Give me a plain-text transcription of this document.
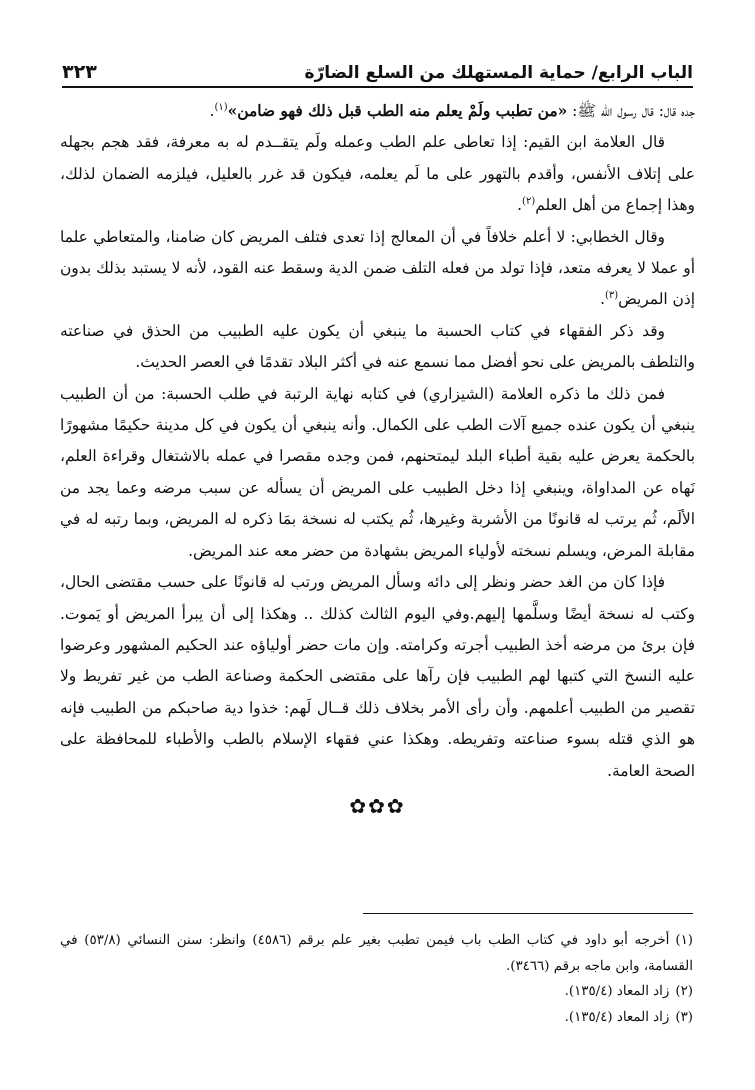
الباب الرابع/ حماية المستهلك من السلع الضارّة
٣٢٣

جده قال: قال رسول الله ﷺ: «من تطبب ولَمْ يعلم منه الطب قبل ذلك فهو ضامن»$^{(١)}$.

قال العلامة ابن القيم: إذا تعاطى علم الطب وعمله ولَم يتقــدم له به معرفة، فقد هجم بجهله على إتلاف الأنفس، وأقدم بالتهور على ما لَم يعلمه، فيكون قد غرر بالعليل، فيلزمه الضمان لذلك، وهذا إجماع من أهل العلم$^{(٢)}$.

وقال الخطابي: لا أعلم خلافاً في أن المعالج إذا تعدى فتلف المريض كان ضامنا، والمتعاطي علما أو عملا لا يعرفه متعد، فإذا تولد من فعله التلف ضمن الدية وسقط عنه القود، لأنه لا يستبد بذلك بدون إذن المريض$^{(٣)}$.

وقد ذكر الفقهاء في كتاب الحسبة ما ينبغي أن يكون عليه الطبيب من الحذق في صناعته والتلطف بالمريض على نحو أفضل مما نسمع عنه في أكثر البلاد تقدمًا في العصر الحديث.

فمن ذلك ما ذكره العلامة (الشيزاري) في كتابه نهاية الرتبة في طلب الحسبة: من أن الطبيب ينبغي أن يكون عنده جميع آلات الطب على الكمال. وأنه ينبغي أن يكون في كل مدينة حكيمًا مشهورًا بالحكمة يعرض عليه بقية أطباء البلد ليمتحنهم، فمن وجده مقصرا في عمله بالاشتغال وقراءة العلم، نَهاه عن المداواة، وينبغي إذا دخل الطبيب على المريض أن يسأله عن سبب مرضه وعما يجد من الألَم، ثُم يرتب له قانونًا من الأشربة وغيرها، ثُم يكتب له نسخة بمَا ذكره له المريض، وبما رتبه له في مقابلة المرض، ويسلم نسخته لأولياء المريض بشهادة من حضر معه عند المريض.

فإذا كان من الغد حضر ونظر إلى دائه وسأل المريض ورتب له قانونًا على حسب مقتضى الحال، وكتب له نسخة أيضًا وسلَّمها إليهم.وفي اليوم الثالث كذلك .. وهكذا إلى أن يبرأ المريض أو يَموت. فإن برئ من مرضه أخذ الطبيب أجرته وكرامته. وإن مات حضر أولياؤه عند الحكيم المشهور وعرضوا عليه النسخ التي كتبها لهم الطبيب فإن رآها على مقتضى الحكمة وصناعة الطب من غير تفريط ولا تقصير من الطبيب أعلمهم. وأن رأى الأمر بخلاف ذلك قــال لَهم: خذوا دية صاحبكم من الطبيب فإنه هو الذي قتله بسوء صناعته وتفريطه. وهكذا عني فقهاء الإسلام بالطب والأطباء للمحافظة على الصحة العامة.

✿✿✿

(١)أخرجه أبو داود في كتاب الطب باب فيمن تطبب بغير علم برقم (٤٥٨٦) وانظر: سنن النسائي (٥٣/٨) في القسامة، وابن ماجه برقم (٣٤٦٦).

(٢)زاد المعاد (١٣٥/٤).

(٣)زاد المعاد (١٣٥/٤).
